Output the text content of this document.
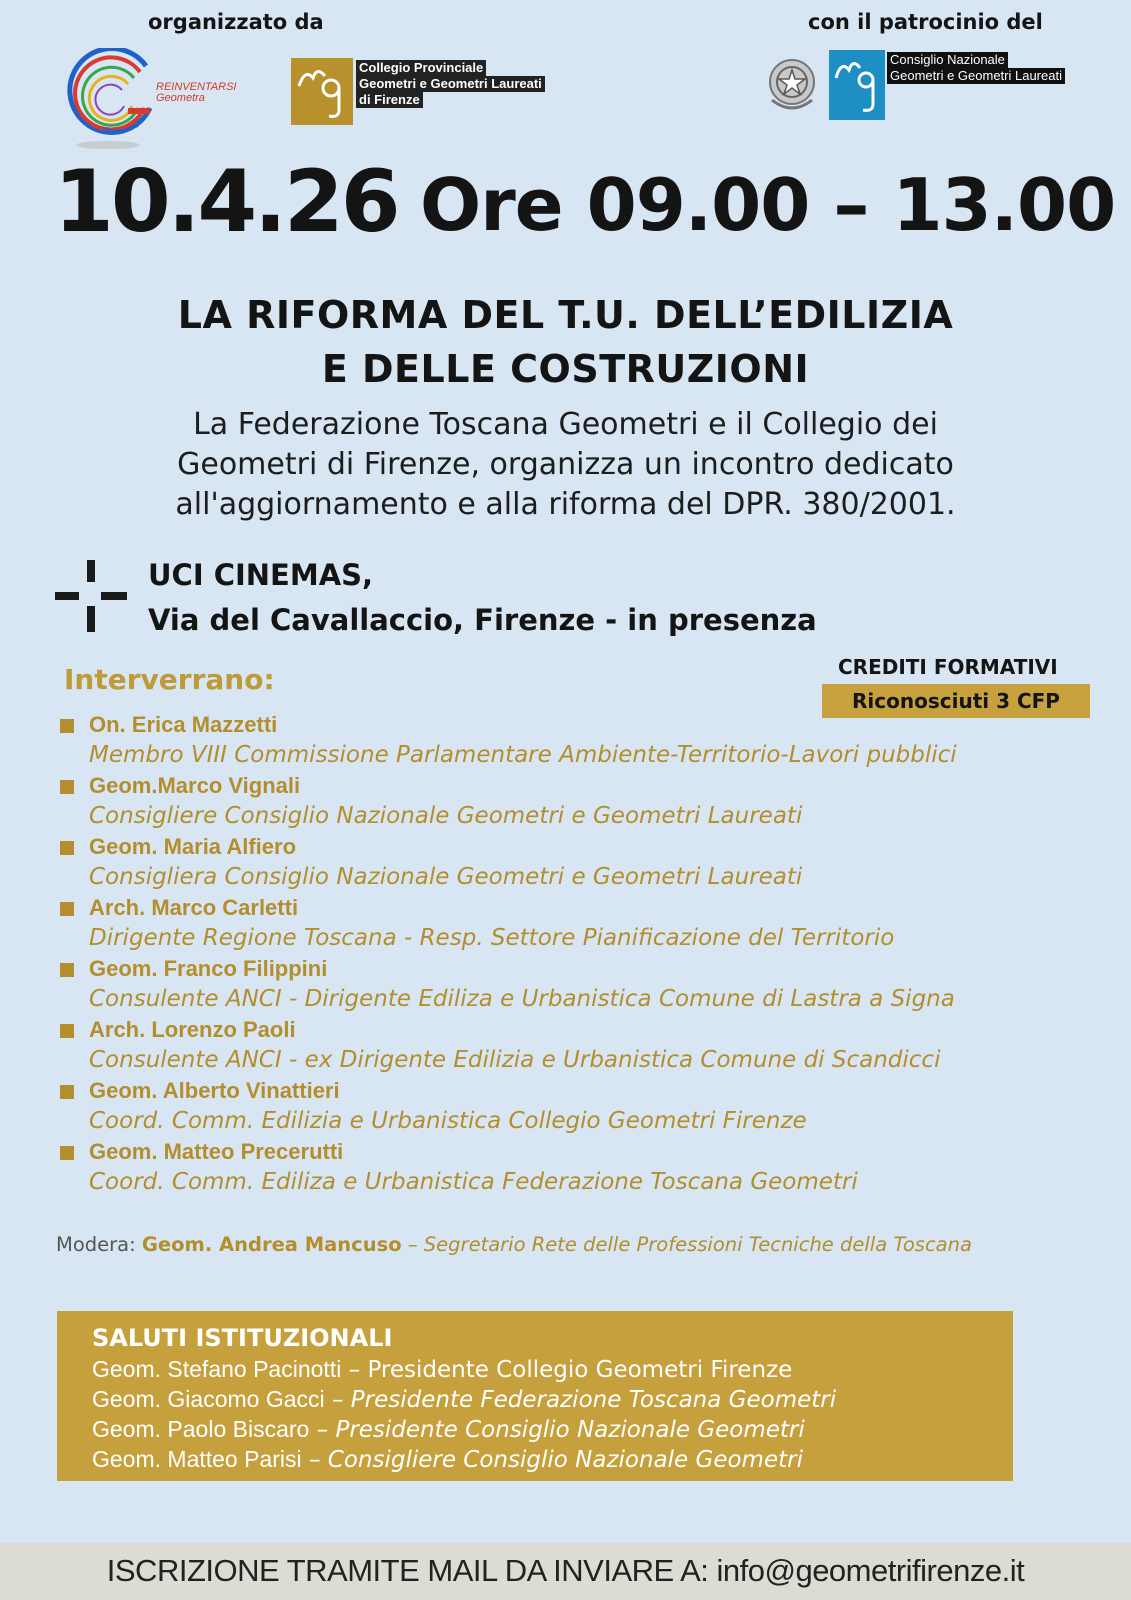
organizzato da	con il patrocinio del
REINVENTARSI
Geometra
Collegio Provinciale
Geometri e Geometri Laureati
di Firenze
Consiglio Nazionale
Geometri e Geometri Laureati
10.4.26 Ore 09.00 – 13.00
LA RIFORMA DEL T.U. DELL’EDILIZIA
E DELLE COSTRUZIONI
La Federazione Toscana Geometri e il Collegio dei
Geometri di Firenze, organizza un incontro dedicato
all'aggiornamento e alla riforma del DPR. 380/2001.
UCI CINEMAS,
Via del Cavallaccio, Firenze - in presenza
CREDITI FORMATIVI
Riconosciuti 3 CFP
Interverrano:
On. Erica Mazzetti
Membro VIII Commissione Parlamentare Ambiente-Territorio-Lavori pubblici
Geom.Marco Vignali
Consigliere Consiglio Nazionale Geometri e Geometri Laureati
Geom. Maria Alfiero
Consigliera Consiglio Nazionale Geometri e Geometri Laureati
Arch. Marco Carletti
Dirigente Regione Toscana - Resp. Settore Pianificazione del Territorio
Geom. Franco Filippini
Consulente ANCI - Dirigente Ediliza e Urbanistica Comune di Lastra a Signa
Arch. Lorenzo Paoli
Consulente ANCI - ex Dirigente Edilizia e Urbanistica Comune di Scandicci
Geom. Alberto Vinattieri
Coord. Comm. Edilizia e Urbanistica Collegio Geometri Firenze
Geom. Matteo Precerutti
Coord. Comm. Ediliza e Urbanistica Federazione Toscana Geometri
Modera: Geom. Andrea Mancuso – Segretario Rete delle Professioni Tecniche della Toscana
SALUTI ISTITUZIONALI
Geom. Stefano Pacinotti – Presidente Collegio Geometri Firenze
Geom. Giacomo Gacci – Presidente Federazione Toscana Geometri
Geom. Paolo Biscaro – Presidente Consiglio Nazionale Geometri
Geom. Matteo Parisi – Consigliere Consiglio Nazionale Geometri
ISCRIZIONE TRAMITE MAIL DA INVIARE A: info@geometrifirenze.it
